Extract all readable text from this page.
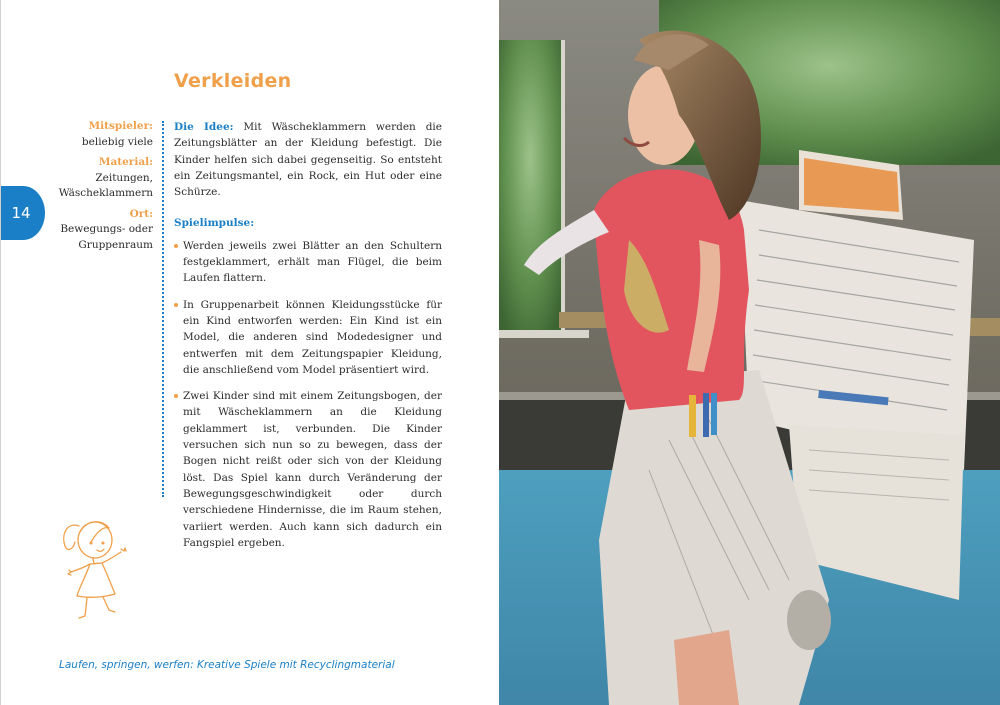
14
Verkleiden
Mitspieler:
beliebig viele
Material:
Zeitungen, Wäscheklammern
Ort:
Bewegungs- oder Gruppenraum

Die Idee: Mit Wäscheklammern werden die Zeitungsblätter an der Kleidung befestigt. Die Kinder helfen sich dabei gegenseitig. So entsteht ein Zeitungsmantel, ein Rock, ein Hut oder eine Schürze.

Spielimpulse:
Werden jeweils zwei Blätter an den Schultern festgeklammert, erhält man Flügel, die beim Laufen flattern.
In Gruppenarbeit können Kleidungsstücke für ein Kind entworfen werden: Ein Kind ist ein Model, die anderen sind Modedesigner und entwerfen mit dem Zeitungspapier Kleidung, die anschließend vom Model präsentiert wird.
Zwei Kinder sind mit einem Zeitungsbogen, der mit Wäscheklammern an die Kleidung geklammert ist, verbunden. Die Kinder versuchen sich nun so zu bewegen, dass der Bogen nicht reißt oder sich von der Kleidung löst. Das Spiel kann durch Veränderung der Bewegungsgeschwindigkeit oder durch verschiedene Hindernisse, die im Raum stehen, variiert werden. Auch kann sich dadurch ein Fangspiel ergeben.
Laufen, springen, werfen: Kreative Spiele mit Recyclingmaterial
